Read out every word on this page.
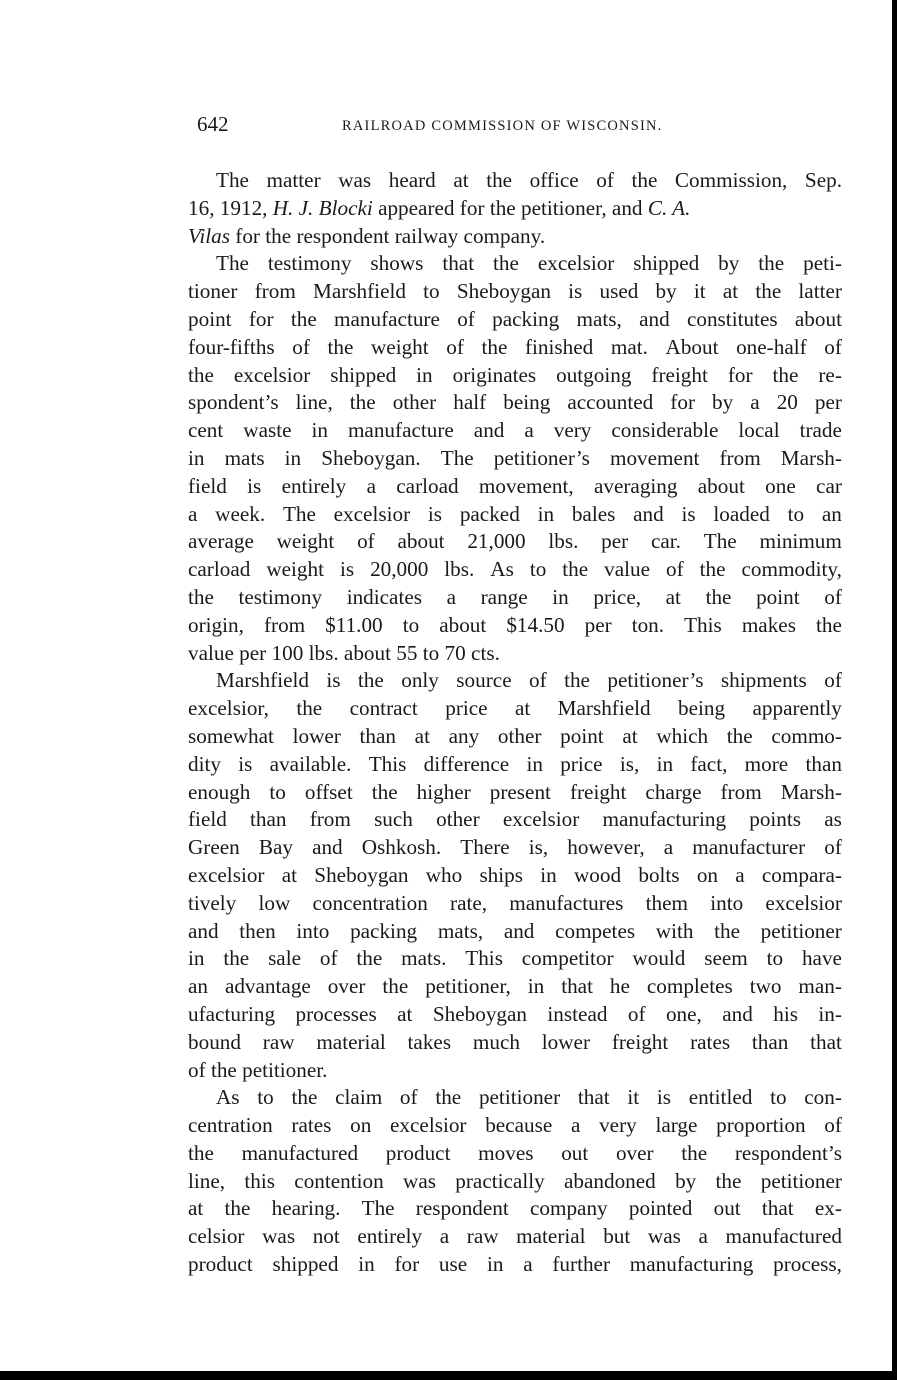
642	RAILROAD COMMISSION OF WISCONSIN.
The matter was heard at the office of the Commission, Sep.
16, 1912, H. J. Blocki appeared for the petitioner, and C. A.
Vilas
for the respondent railway company.
The testimony shows that the excelsior shipped by the peti-
tioner from Marshfield to Sheboygan is used by it at the latter
point for the manufacture of packing mats, and constitutes about
four-fifths of the weight of the finished mat. About one-half of
the excelsior shipped in originates outgoing freight for the re-
spondent’s line, the other half being accounted for by a 20 per
cent waste in manufacture and a very considerable local trade
in mats in Sheboygan. The petitioner’s movement from Marsh-
field is entirely a carload movement, averaging about one car
a week. The excelsior is packed in bales and is loaded to an
average weight of about 21,000 lbs. per car. The minimum
carload weight is 20,000 lbs. As to the value of the commodity,
the testimony indicates a range in price, at the point of
origin, from $11.00 to about $14.50 per ton. This makes the
value per 100 lbs. about 55 to 70 cts.
Marshfield is the only source of the petitioner’s shipments of
excelsior, the contract price at Marshfield being apparently
somewhat lower than at any other point at which the commo-
dity is available. This difference in price is, in fact, more than
enough to offset the higher present freight charge from Marsh-
field than from such other excelsior manufacturing points as
Green Bay and Oshkosh. There is, however, a manufacturer of
excelsior at Sheboygan who ships in wood bolts on a compara-
tively low concentration rate, manufactures them into excelsior
and then into packing mats, and competes with the petitioner
in the sale of the mats. This competitor would seem to have
an advantage over the petitioner, in that he completes two man-
ufacturing processes at Sheboygan instead of one, and his in-
bound raw material takes much lower freight rates than that
of the petitioner.
As to the claim of the petitioner that it is entitled to con-
centration rates on excelsior because a very large proportion of
the manufactured product moves out over the respondent’s
line, this contention was practically abandoned by the petitioner
at the hearing. The respondent company pointed out that ex-
celsior was not entirely a raw material but was a manufactured
product shipped in for use in a further manufacturing process,
